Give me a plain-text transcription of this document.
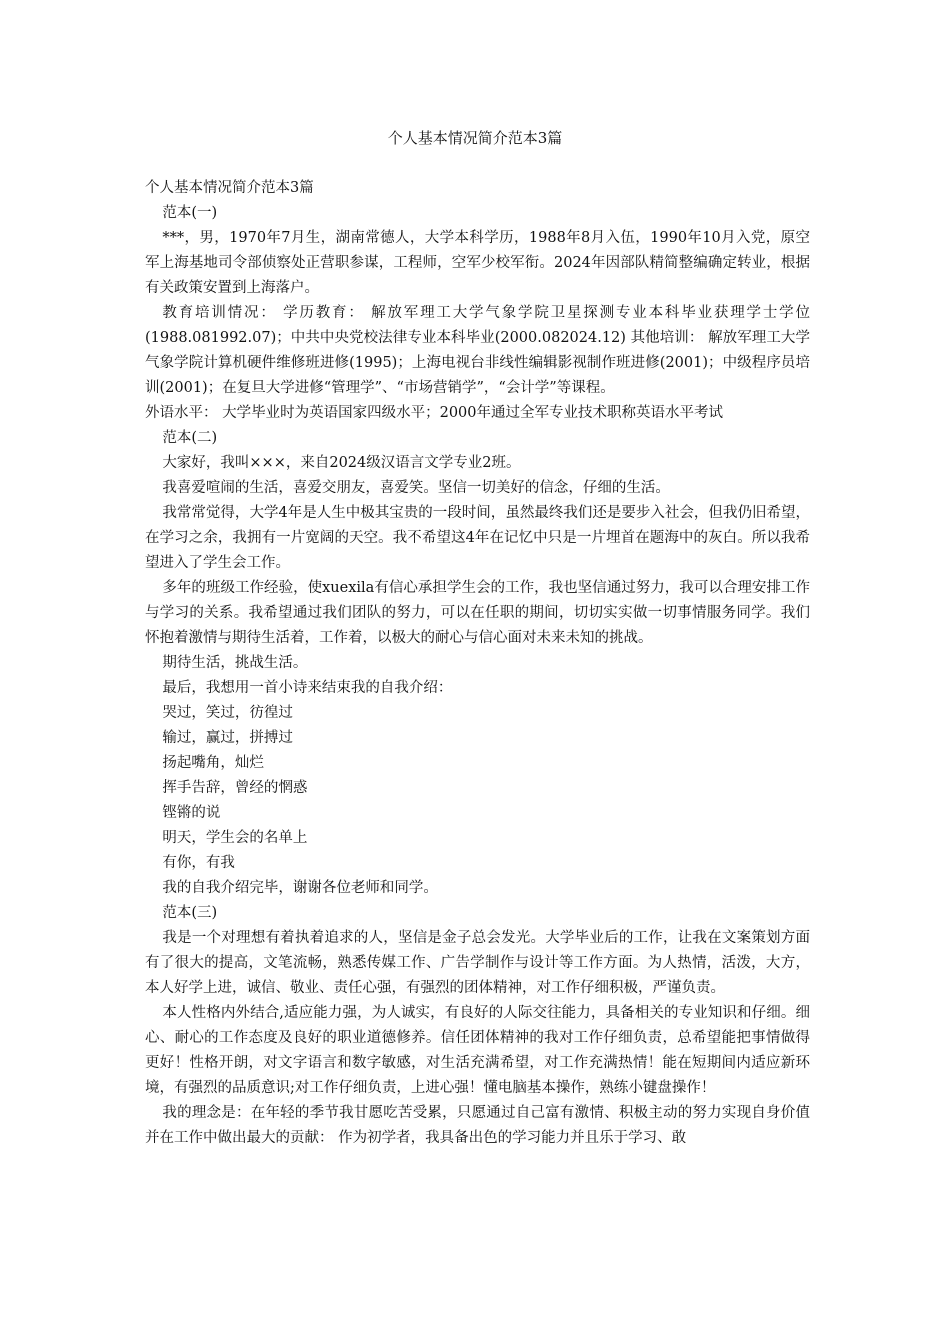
个人基本情况简介范本3篇

个人基本情况简介范本3篇

范本(一)

***，男，1970年7月生，湖南常德人，大学本科学历，1988年8月入伍，1990年10月入党，原空军上海基地司令部侦察处正营职参谋，工程师，空军少校军衔。2024年因部队精简整编确定转业，根据有关政策安置到上海落户。

教育培训情况： 学历教育： 解放军理工大学气象学院卫星探测专业本科毕业获理学士学位(1988.081992.07)；中共中央党校法律专业本科毕业(2000.082024.12) 其他培训： 解放军理工大学气象学院计算机硬件维修班进修(1995)；上海电视台非线性编辑影视制作班进修(2001)；中级程序员培训(2001)；在复旦大学进修“管理学”、“市场营销学”，“会计学”等课程。

外语水平： 大学毕业时为英语国家四级水平；2000年通过全军专业技术职称英语水平考试

范本(二)

大家好，我叫×××，来自2024级汉语言文学专业2班。

我喜爱喧闹的生活，喜爱交朋友，喜爱笑。坚信一切美好的信念，仔细的生活。

我常常觉得，大学4年是人生中极其宝贵的一段时间，虽然最终我们还是要步入社会，但我仍旧希望，在学习之余，我拥有一片宽阔的天空。我不希望这4年在记忆中只是一片埋首在题海中的灰白。所以我希望进入了学生会工作。

多年的班级工作经验，使xuexila有信心承担学生会的工作，我也坚信通过努力，我可以合理安排工作与学习的关系。我希望通过我们团队的努力，可以在任职的期间，切切实实做一切事情服务同学。我们怀抱着激情与期待生活着，工作着，以极大的耐心与信心面对未来未知的挑战。

期待生活，挑战生活。

最后，我想用一首小诗来结束我的自我介绍：

哭过，笑过，彷徨过

输过，赢过，拼搏过

扬起嘴角，灿烂

挥手告辞，曾经的惘惑

铿锵的说

明天，学生会的名单上

有你，有我

我的自我介绍完毕，谢谢各位老师和同学。

范本(三)

我是一个对理想有着执着追求的人，坚信是金子总会发光。大学毕业后的工作，让我在文案策划方面有了很大的提高，文笔流畅，熟悉传媒工作、广告学制作与设计等工作方面。为人热情，活泼，大方， 本人好学上进，诚信、敬业、责任心强，有强烈的团体精神，对工作仔细积极，严谨负责。

本人性格内外结合,适应能力强，为人诚实，有良好的人际交往能力，具备相关的专业知识和仔细。细心、耐心的工作态度及良好的职业道德修养。信任团体精神的我对工作仔细负责，总希望能把事情做得更好！性格开朗，对文字语言和数字敏感，对生活充满希望，对工作充满热情！能在短期间内适应新环境，有强烈的品质意识;对工作仔细负责，上进心强！懂电脑基本操作，熟练小键盘操作！

我的理念是：在年轻的季节我甘愿吃苦受累，只愿通过自己富有激情、积极主动的努力实现自身价值并在工作中做出最大的贡献： 作为初学者，我具备出色的学习能力并且乐于学习、敢
